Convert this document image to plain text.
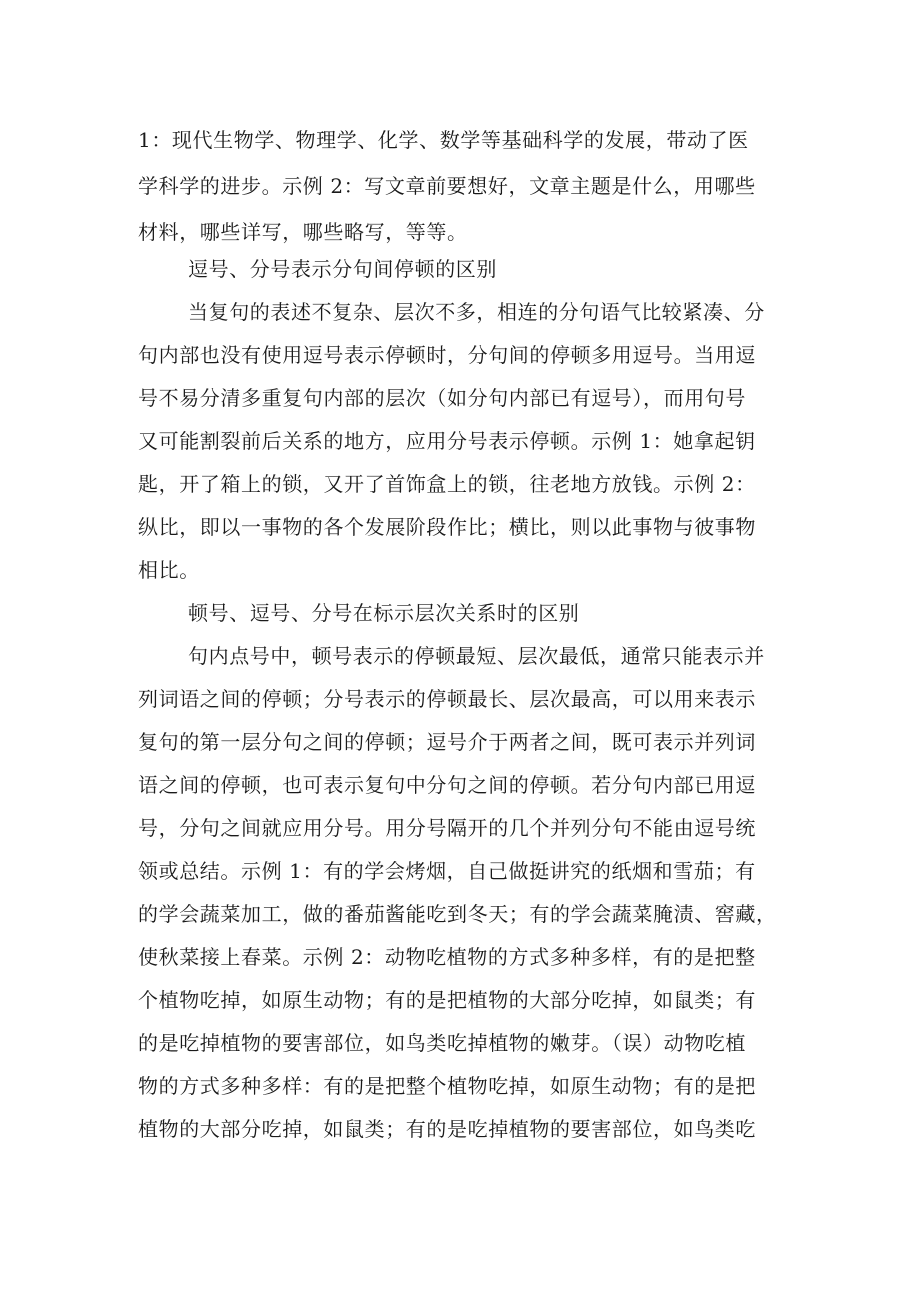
1：现代生物学、物理学、化学、数学等基础科学的发展，带动了医
学科学的进步。示例 2：写文章前要想好，文章主题是什么，用哪些
材料，哪些详写，哪些略写，等等。
逗号、分号表示分句间停顿的区别
当复句的表述不复杂、层次不多，相连的分句语气比较紧凑、分
句内部也没有使用逗号表示停顿时，分句间的停顿多用逗号。当用逗
号不易分清多重复句内部的层次（如分句内部已有逗号），而用句号
又可能割裂前后关系的地方，应用分号表示停顿。示例 1：她拿起钥
匙，开了箱上的锁，又开了首饰盒上的锁，往老地方放钱。示例 2：
纵比，即以一事物的各个发展阶段作比；横比，则以此事物与彼事物
相比。
顿号、逗号、分号在标示层次关系时的区别
句内点号中，顿号表示的停顿最短、层次最低，通常只能表示并
列词语之间的停顿；分号表示的停顿最长、层次最高，可以用来表示
复句的第一层分句之间的停顿；逗号介于两者之间，既可表示并列词
语之间的停顿，也可表示复句中分句之间的停顿。若分句内部已用逗
号，分句之间就应用分号。用分号隔开的几个并列分句不能由逗号统
领或总结。示例 1：有的学会烤烟，自己做挺讲究的纸烟和雪茄；有
的学会蔬菜加工，做的番茄酱能吃到冬天；有的学会蔬菜腌渍、窖藏，
使秋菜接上春菜。示例 2：动物吃植物的方式多种多样，有的是把整
个植物吃掉，如原生动物；有的是把植物的大部分吃掉，如鼠类；有
的是吃掉植物的要害部位，如鸟类吃掉植物的嫩芽。（误）动物吃植
物的方式多种多样：有的是把整个植物吃掉，如原生动物；有的是把
植物的大部分吃掉，如鼠类；有的是吃掉植物的要害部位，如鸟类吃
